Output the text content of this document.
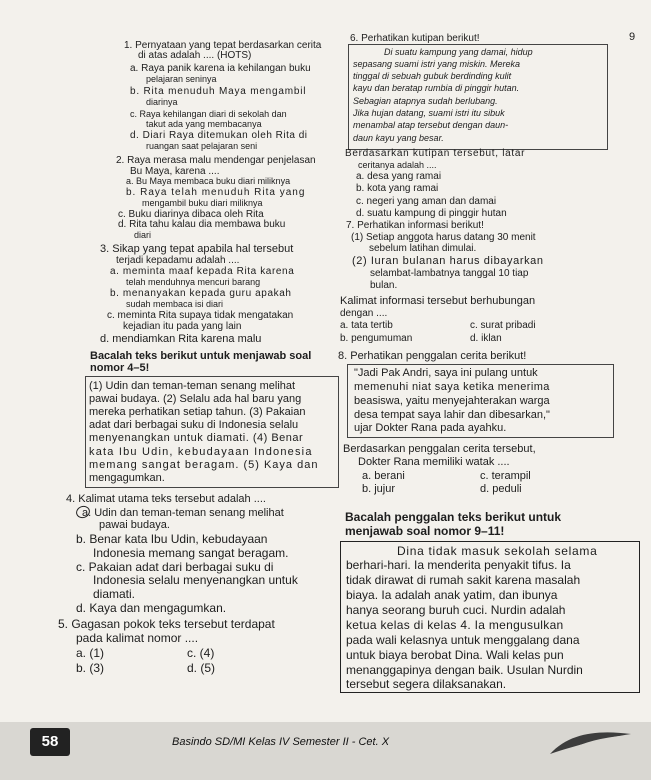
9
1. Pernyataan yang tepat berdasarkan cerita
di atas adalah .... (HOTS)
a. Raya panik karena ia kehilangan buku
pelajaran seninya
b. Rita menuduh Maya mengambil
diarinya
c. Raya kehilangan diari di sekolah dan
takut ada yang membacanya
d. Diari Raya ditemukan oleh Rita di
ruangan saat pelajaran seni
2. Raya merasa malu mendengar penjelasan
Bu Maya, karena ....
a. Bu Maya membaca buku diari miliknya
b. Raya telah menuduh Rita yang
mengambil buku diari miliknya
c. Buku diarinya dibaca oleh Rita
d. Rita tahu kalau dia membawa buku
diari
3. Sikap yang tepat apabila hal tersebut
terjadi kepadamu adalah ....
a. meminta maaf kepada Rita karena
telah menduhnya mencuri barang
b. menanyakan kepada guru apakah
sudah membaca isi diari
c. meminta Rita supaya tidak mengatakan
kejadian itu pada yang lain
d. mendiamkan Rita karena malu
Bacalah teks berikut untuk menjawab soal
nomor 4–5!
(1) Udin dan teman-teman senang melihat
pawai budaya. (2) Selalu ada hal baru yang
mereka perhatikan setiap tahun. (3) Pakaian
adat dari berbagai suku di Indonesia selalu
menyenangkan untuk diamati. (4) Benar
kata Ibu Udin, kebudayaan Indonesia
memang sangat beragam. (5) Kaya dan
mengagumkan.
4. Kalimat utama teks tersebut adalah ....
a. Udin dan teman-teman senang melihat
pawai budaya.
b. Benar kata Ibu Udin, kebudayaan
Indonesia memang sangat beragam.
c. Pakaian adat dari berbagai suku di
Indonesia selalu menyenangkan untuk
diamati.
d. Kaya dan mengagumkan.
5. Gagasan pokok teks tersebut terdapat
pada kalimat nomor ....
a. (1)
b. (3)
c. (4)
d. (5)
6. Perhatikan kutipan berikut!
Di suatu kampung yang damai, hidup
sepasang suami istri yang miskin. Mereka
tinggal di sebuah gubuk berdinding kulit
kayu dan beratap rumbia di pinggir hutan.
Sebagian atapnya sudah berlubang.
Jika hujan datang, suami istri itu sibuk
menambal atap tersebut dengan daun-
daun kayu yang besar.
Berdasarkan kutipan tersebut, latar
ceritanya adalah ....
a. desa yang ramai
b. kota yang ramai
c. negeri yang aman dan damai
d. suatu kampung di pinggir hutan
7. Perhatikan informasi berikut!
(1) Setiap anggota harus datang 30 menit
sebelum latihan dimulai.
(2) Iuran bulanan harus dibayarkan
selambat-lambatnya tanggal 10 tiap
bulan.
Kalimat informasi tersebut berhubungan
dengan ....
a. tata tertib
b. pengumuman
c. surat pribadi
d. iklan
8. Perhatikan penggalan cerita berikut!
"Jadi Pak Andri, saya ini pulang untuk
memenuhi niat saya ketika menerima
beasiswa, yaitu menyejahterakan warga
desa tempat saya lahir dan dibesarkan,"
ujar Dokter Rana pada ayahku.
Berdasarkan penggalan cerita tersebut,
Dokter Rana memiliki watak ....
a. berani
b. jujur
c. terampil
d. peduli
Bacalah penggalan teks berikut untuk
menjawab soal nomor 9–11!
Dina tidak masuk sekolah selama
berhari-hari. Ia menderita penyakit tifus. Ia
tidak dirawat di rumah sakit karena masalah
biaya. Ia adalah anak yatim, dan ibunya
hanya seorang buruh cuci. Nurdin adalah
ketua kelas di kelas 4. Ia mengusulkan
pada wali kelasnya untuk menggalang dana
untuk biaya berobat Dina. Wali kelas pun
menanggapinya dengan baik. Usulan Nurdin
tersebut segera dilaksanakan.
58	Basindo SD/MI Kelas IV Semester II - Cet. X
